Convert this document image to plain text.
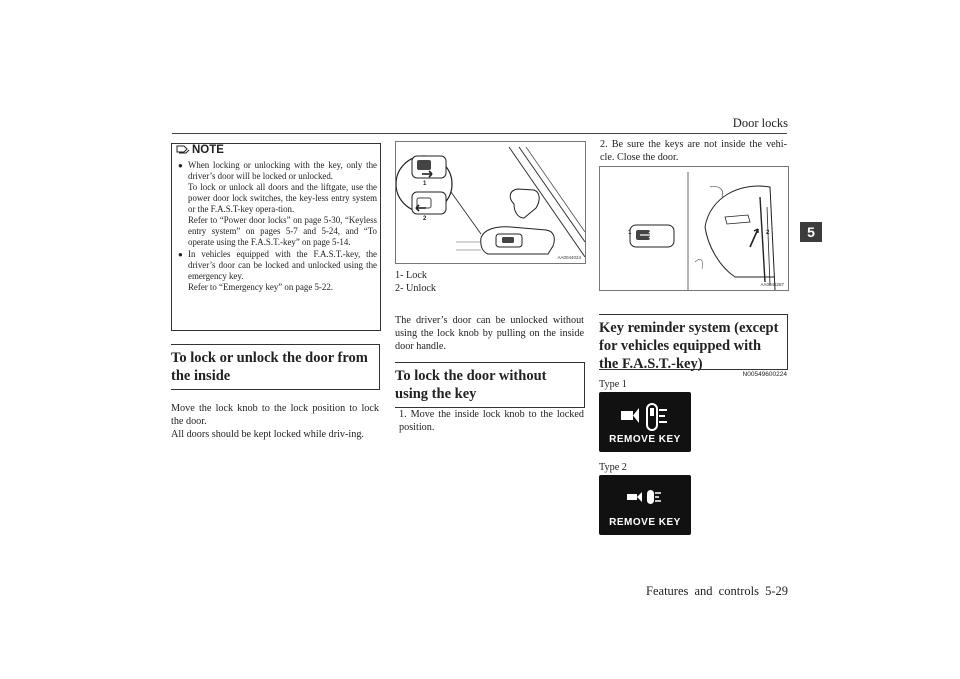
Door locks
5
NOTE
● When locking or unlocking with the key, only the driver’s door will be locked or unlocked.
To lock or unlock all doors and the liftgate, use the power door lock switches, the key-less entry system or the F.A.S.T-key opera-tion.
Refer to “Power door locks” on page 5-30, “Keyless entry system” on pages 5-7 and 5-24, and “To operate using the F.A.S.T.-key” on page 5-14.
● In vehicles equipped with the F.A.S.T.-key, the driver’s door can be locked and unlocked using the emergency key.
Refer to “Emergency key” on page 5-22.
To lock or unlock the door from the inside
Move the lock knob to the lock position to lock the door.
All doors should be kept locked while driv-ing.
1
2
AA0044024
1- Lock
2- Unlock
The driver’s door can be unlocked without using the lock knob by pulling on the inside door handle.
To lock the door without using the key
1. Move the inside lock knob to the locked position.
2. Be sure the keys are not inside the vehi-cle. Close the door.
1	2
AA0043287
Key reminder system (except for vehicles equipped with the F.A.S.T.-key)
N00549600224
Type 1
REMOVE KEY
Type 2
REMOVE KEY
Features and controls 5-29
